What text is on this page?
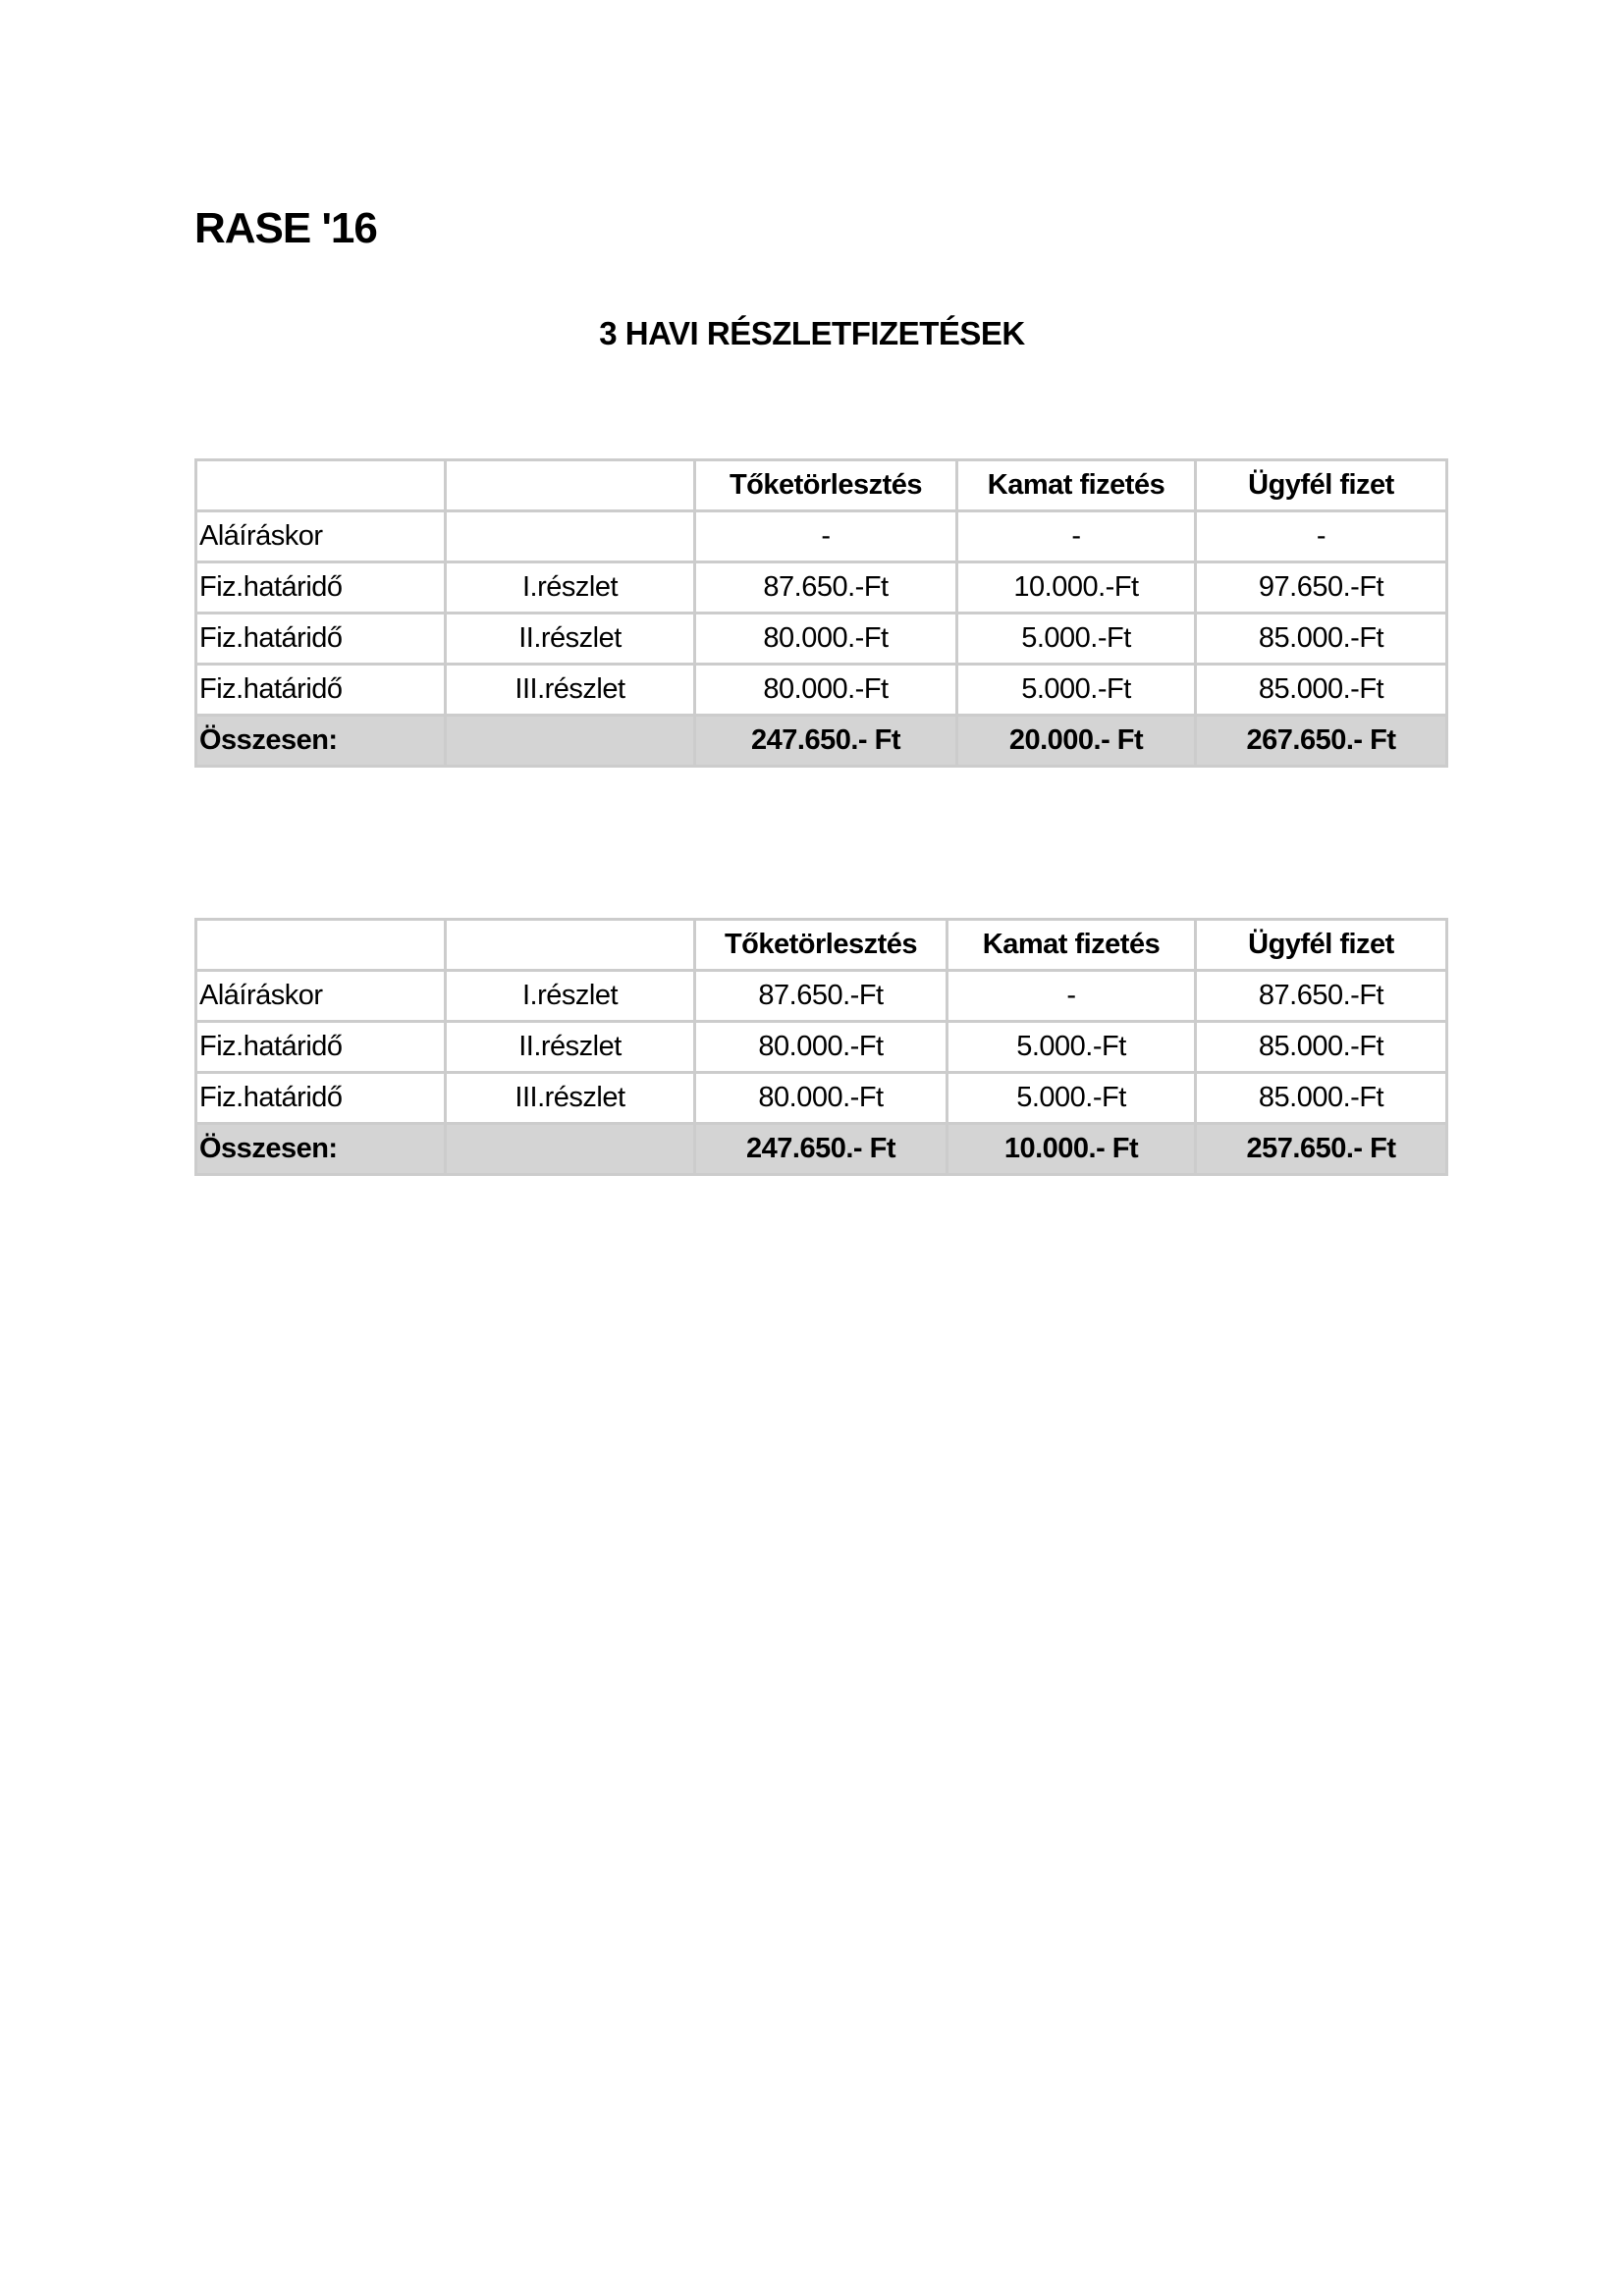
RASE '16
3 HAVI RÉSZLETFIZETÉSEK
		Tőketörlesztés	Kamat fizetés	Ügyfél fizet
Aláíráskor		-	-	-
Fiz.határidő	I.részlet	87.650.-Ft	10.000.-Ft	97.650.-Ft
Fiz.határidő	II.részlet	80.000.-Ft	5.000.-Ft	85.000.-Ft
Fiz.határidő	III.részlet	80.000.-Ft	5.000.-Ft	85.000.-Ft
Összesen:		247.650.- Ft	20.000.- Ft	267.650.- Ft
		Tőketörlesztés	Kamat fizetés	Ügyfél fizet
Aláíráskor	I.részlet	87.650.-Ft	-	87.650.-Ft
Fiz.határidő	II.részlet	80.000.-Ft	5.000.-Ft	85.000.-Ft
Fiz.határidő	III.részlet	80.000.-Ft	5.000.-Ft	85.000.-Ft
Összesen:		247.650.- Ft	10.000.- Ft	257.650.- Ft
